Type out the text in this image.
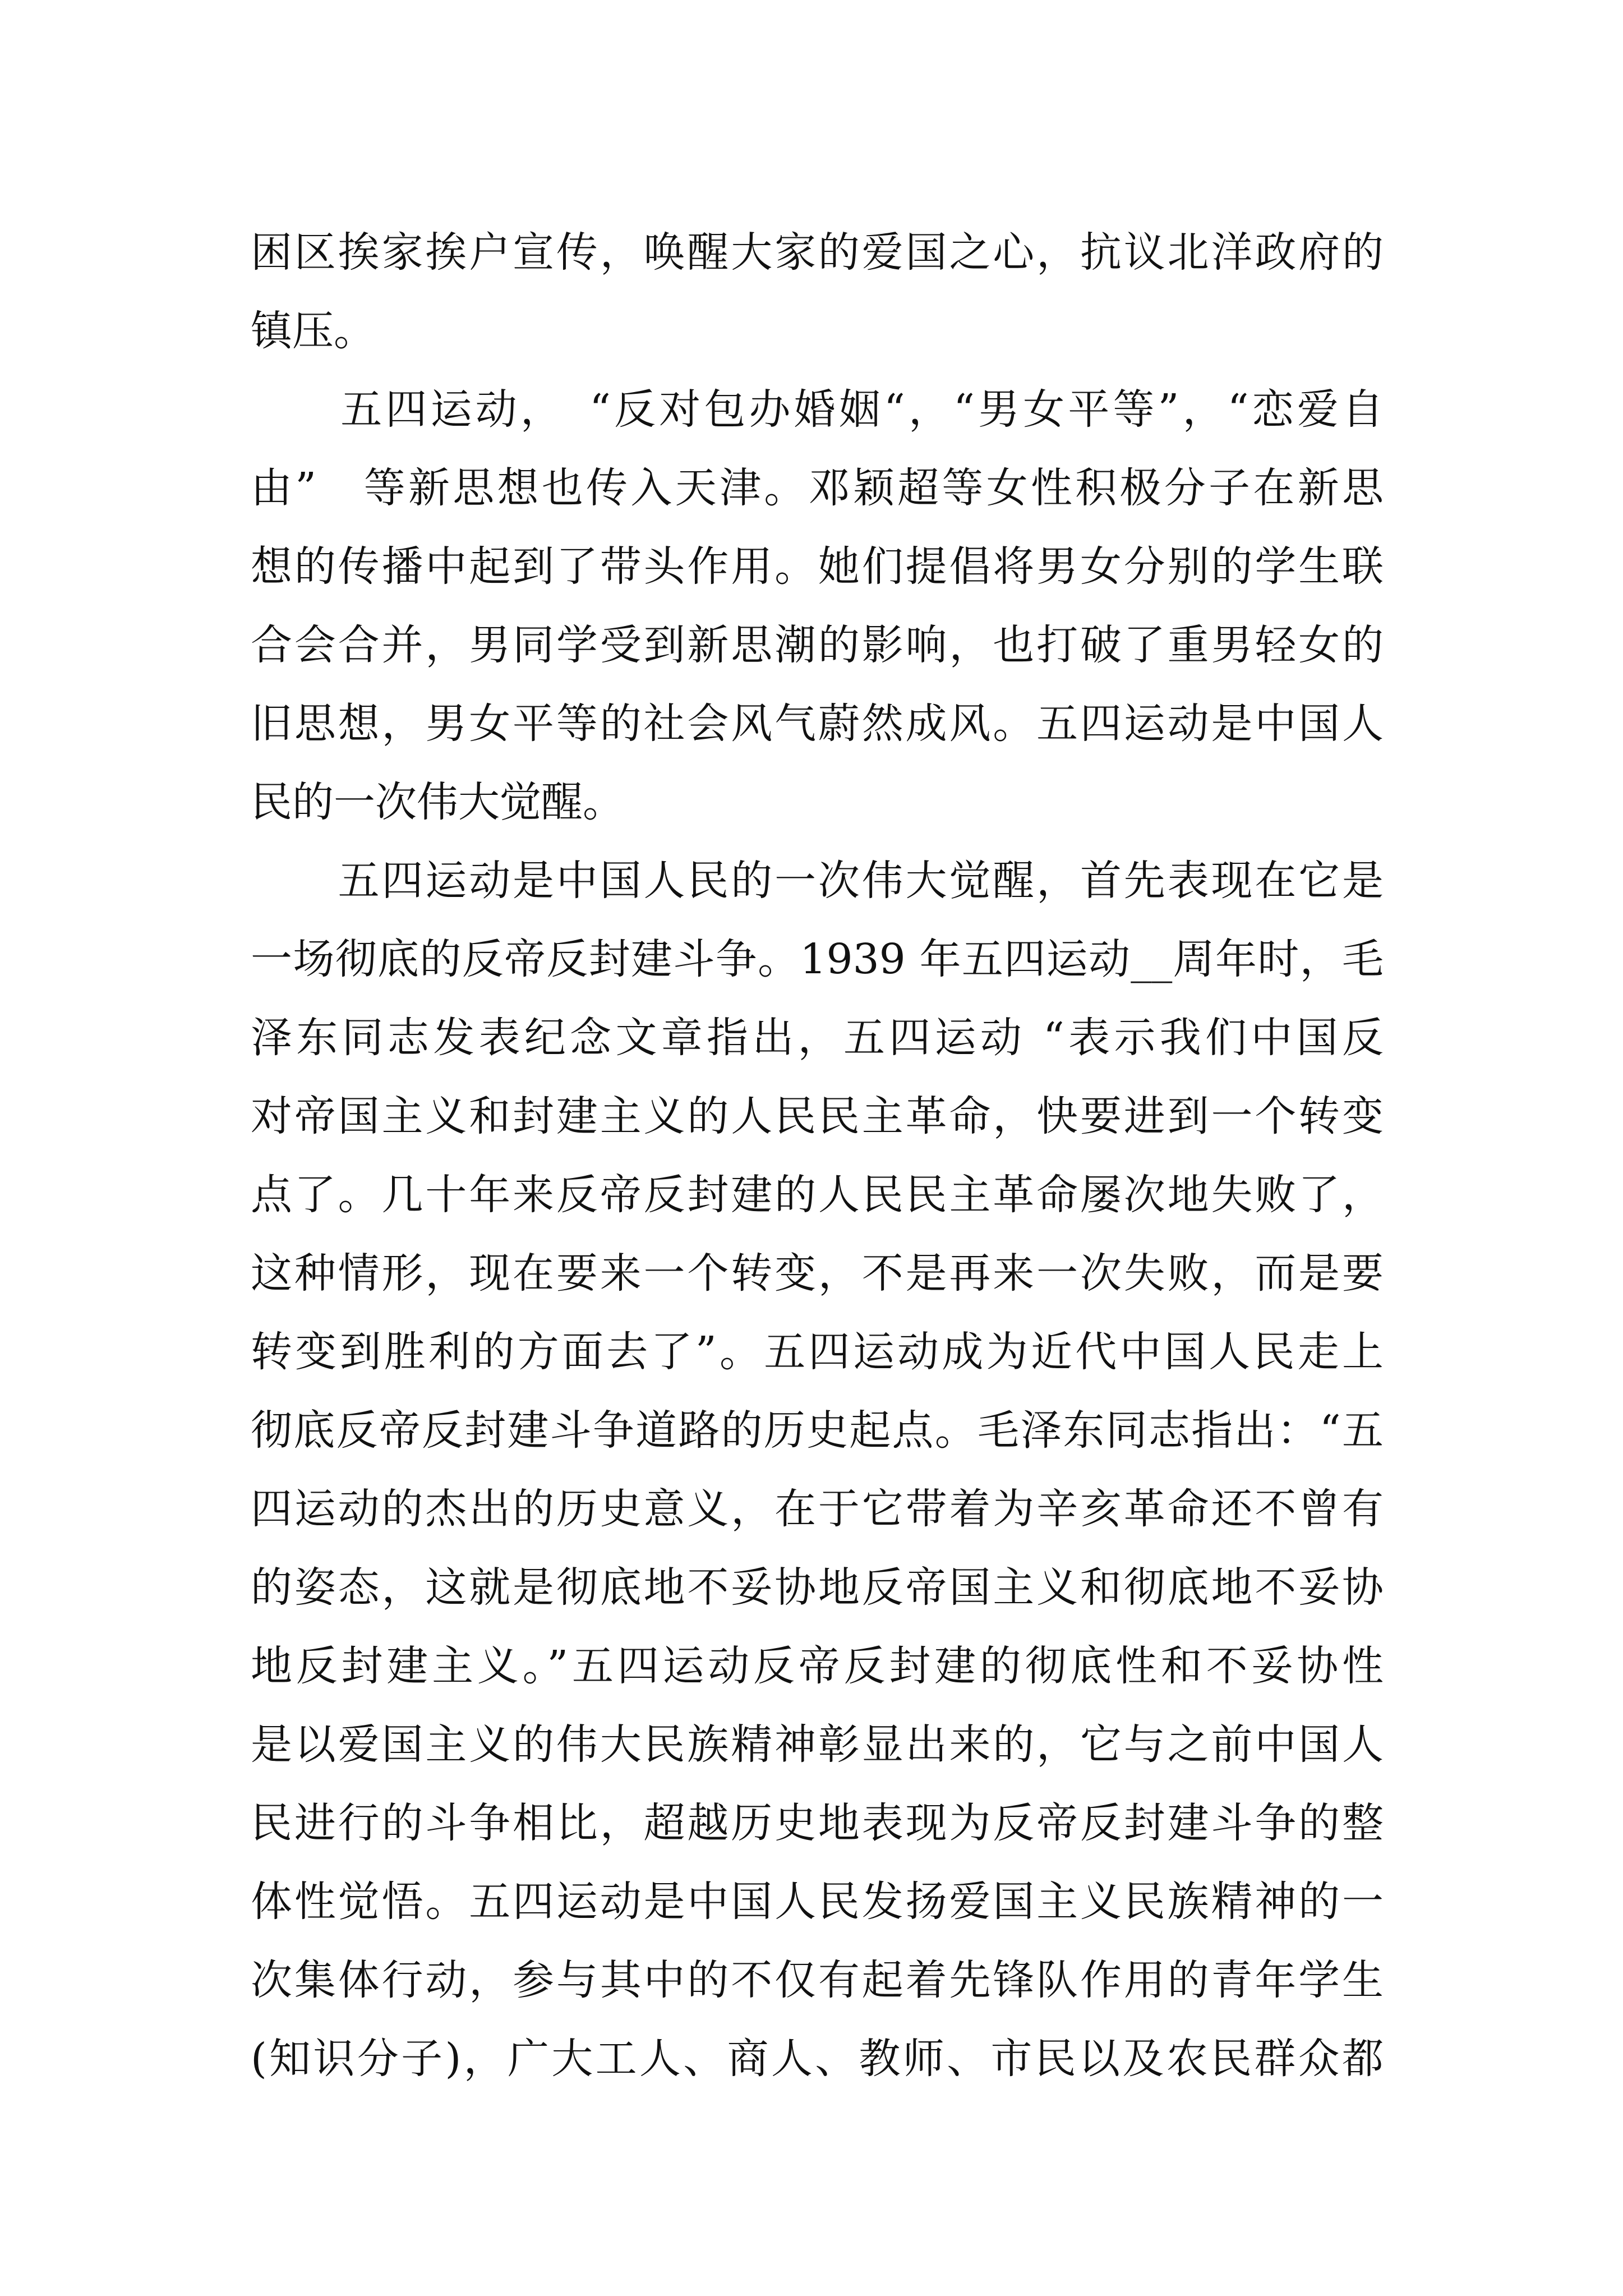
困区挨家挨户宣传，唤醒大家的爱国之心，抗议北洋政府的
镇压。

　　五四运动，　“反对包办婚姻“，“男女平等”，“恋爱自
由”　等新思想也传入天津。邓颖超等女性积极分子在新思
想的传播中起到了带头作用。她们提倡将男女分别的学生联
合会合并，男同学受到新思潮的影响，也打破了重男轻女的
旧思想，男女平等的社会风气蔚然成风。五四运动是中国人
民的一次伟大觉醒。

　　五四运动是中国人民的一次伟大觉醒，首先表现在它是
一场彻底的反帝反封建斗争。1939 年五四运动__周年时，毛
泽东同志发表纪念文章指出，五四运动 “表示我们中国反
对帝国主义和封建主义的人民民主革命，快要进到一个转变
点了。几十年来反帝反封建的人民民主革命屡次地失败了，
这种情形，现在要来一个转变，不是再来一次失败，而是要
转变到胜利的方面去了”。五四运动成为近代中国人民走上
彻底反帝反封建斗争道路的历史起点。毛泽东同志指出：“五
四运动的杰出的历史意义，在于它带着为辛亥革命还不曾有
的姿态，这就是彻底地不妥协地反帝国主义和彻底地不妥协
地反封建主义。”五四运动反帝反封建的彻底性和不妥协性
是以爱国主义的伟大民族精神彰显出来的，它与之前中国人
民进行的斗争相比，超越历史地表现为反帝反封建斗争的整
体性觉悟。五四运动是中国人民发扬爱国主义民族精神的一
次集体行动，参与其中的不仅有起着先锋队作用的青年学生
(知识分子)，广大工人、商人、教师、市民以及农民群众都
